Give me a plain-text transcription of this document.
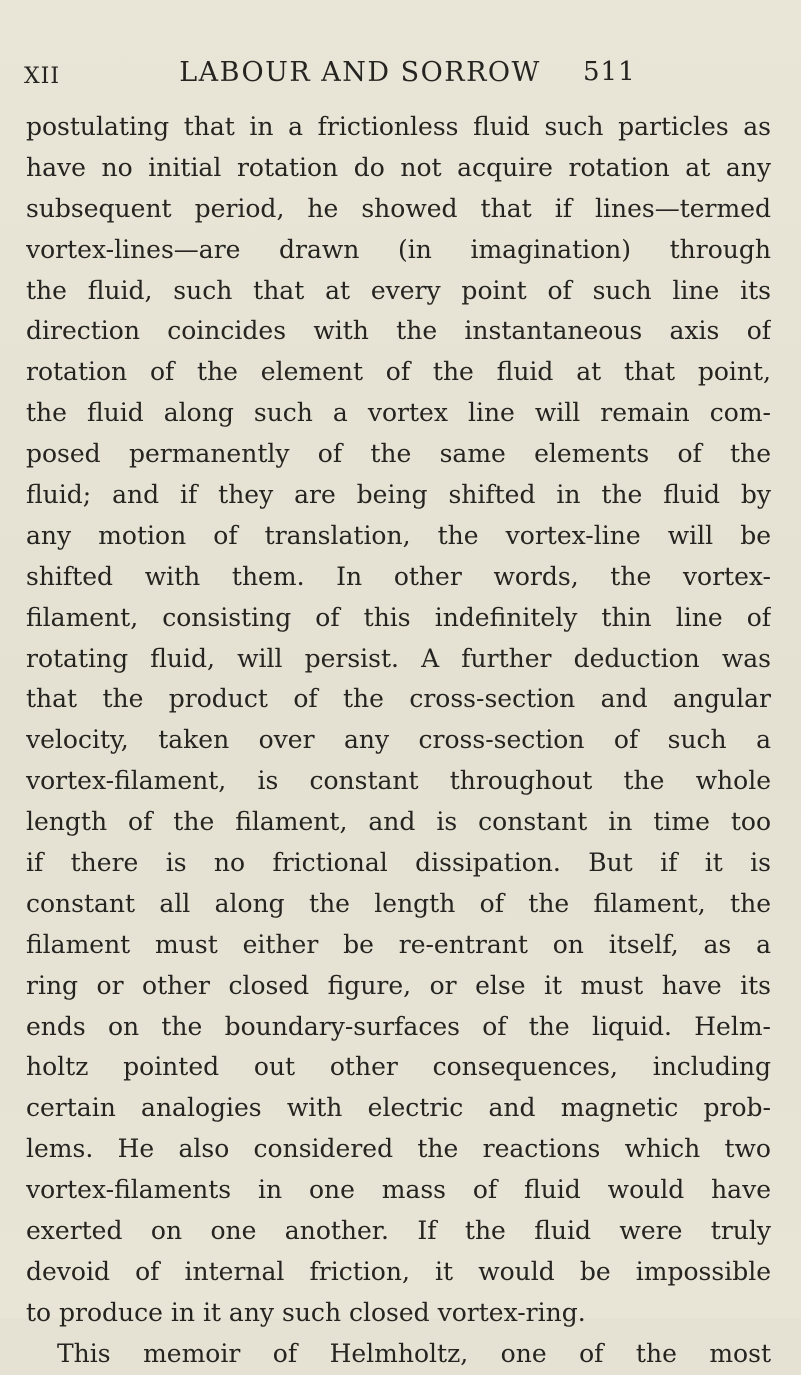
XII	LABOUR AND SORROW	511
postulating that in a frictionless fluid such particles as
have no initial rotation do not acquire rotation at any
subsequent period, he showed that if lines—termed
vortex-lines—are drawn (in imagination) through
the fluid, such that at every point of such line its
direction coincides with the instantaneous axis of
rotation of the element of the fluid at that point,
the fluid along such a vortex line will remain com-
posed permanently of the same elements of the
fluid; and if they are being shifted in the fluid by
any motion of translation, the vortex-line will be
shifted with them. In other words, the vortex-
filament, consisting of this indefinitely thin line of
rotating fluid, will persist. A further deduction was
that the product of the cross-section and angular
velocity, taken over any cross-section of such a
vortex-filament, is constant throughout the whole
length of the filament, and is constant in time too
if there is no frictional dissipation. But if it is
constant all along the length of the filament, the
filament must either be re-entrant on itself, as a
ring or other closed figure, or else it must have its
ends on the boundary-surfaces of the liquid. Helm-
holtz pointed out other consequences, including
certain analogies with electric and magnetic prob-
lems. He also considered the reactions which two
vortex-filaments in one mass of fluid would have
exerted on one another. If the fluid were truly
devoid of internal friction, it would be impossible
to produce in it any such closed vortex-ring.
This memoir of Helmholtz, one of the most
